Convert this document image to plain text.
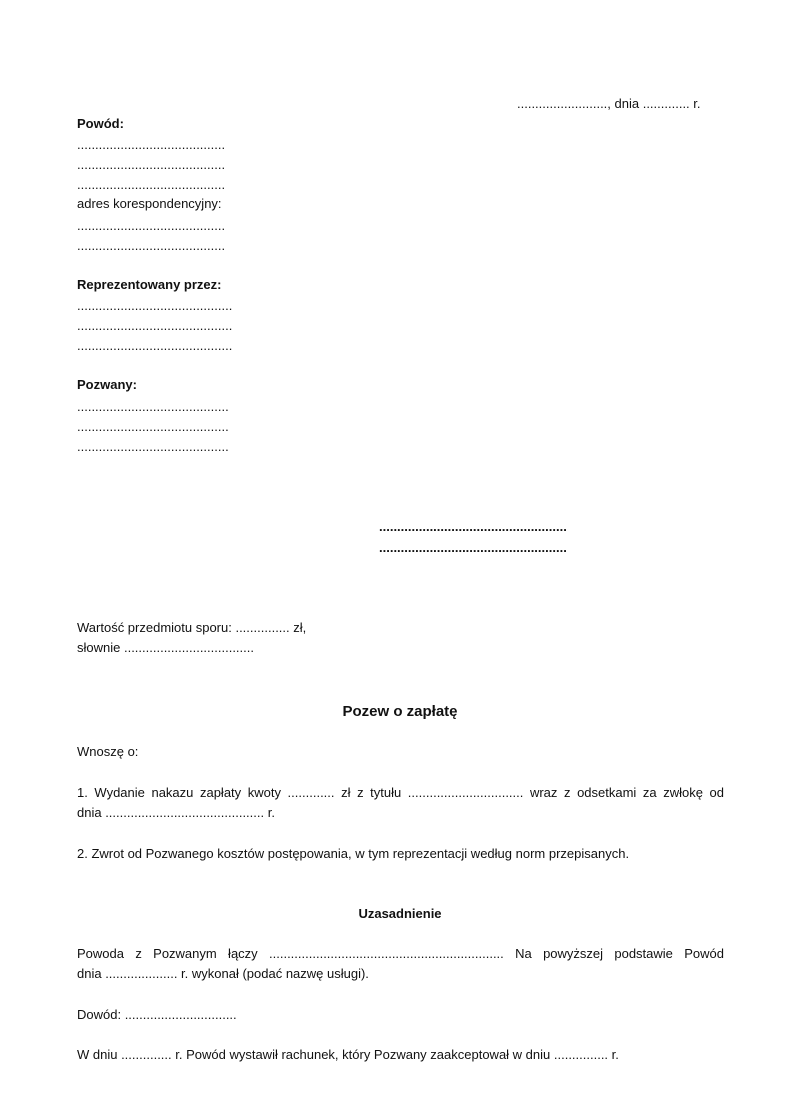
........................., dnia ............. r.
Powód:
.........................................
.........................................
.........................................
adres korespondencyjny:
.........................................
.........................................
Reprezentowany przez:
...........................................
...........................................
...........................................
Pozwany:
..........................................
..........................................
..........................................
....................................................
....................................................
Wartość przedmiotu sporu: ............... zł,
słownie ....................................
Pozew o zapłatę
Wnoszę o:
1. Wydanie nakazu zapłaty kwoty ............. zł z tytułu ................................ wraz z odsetkami za zwłokę od
dnia ............................................ r.
2. Zwrot od Pozwanego kosztów postępowania, w tym reprezentacji według norm przepisanych.
Uzasadnienie
Powoda z Pozwanym łączy ................................................................. Na powyższej podstawie Powód
dnia .................... r. wykonał (podać nazwę usługi).
Dowód: ...............................
W dniu .............. r. Powód wystawił rachunek, który Pozwany zaakceptował w dniu ............... r.
